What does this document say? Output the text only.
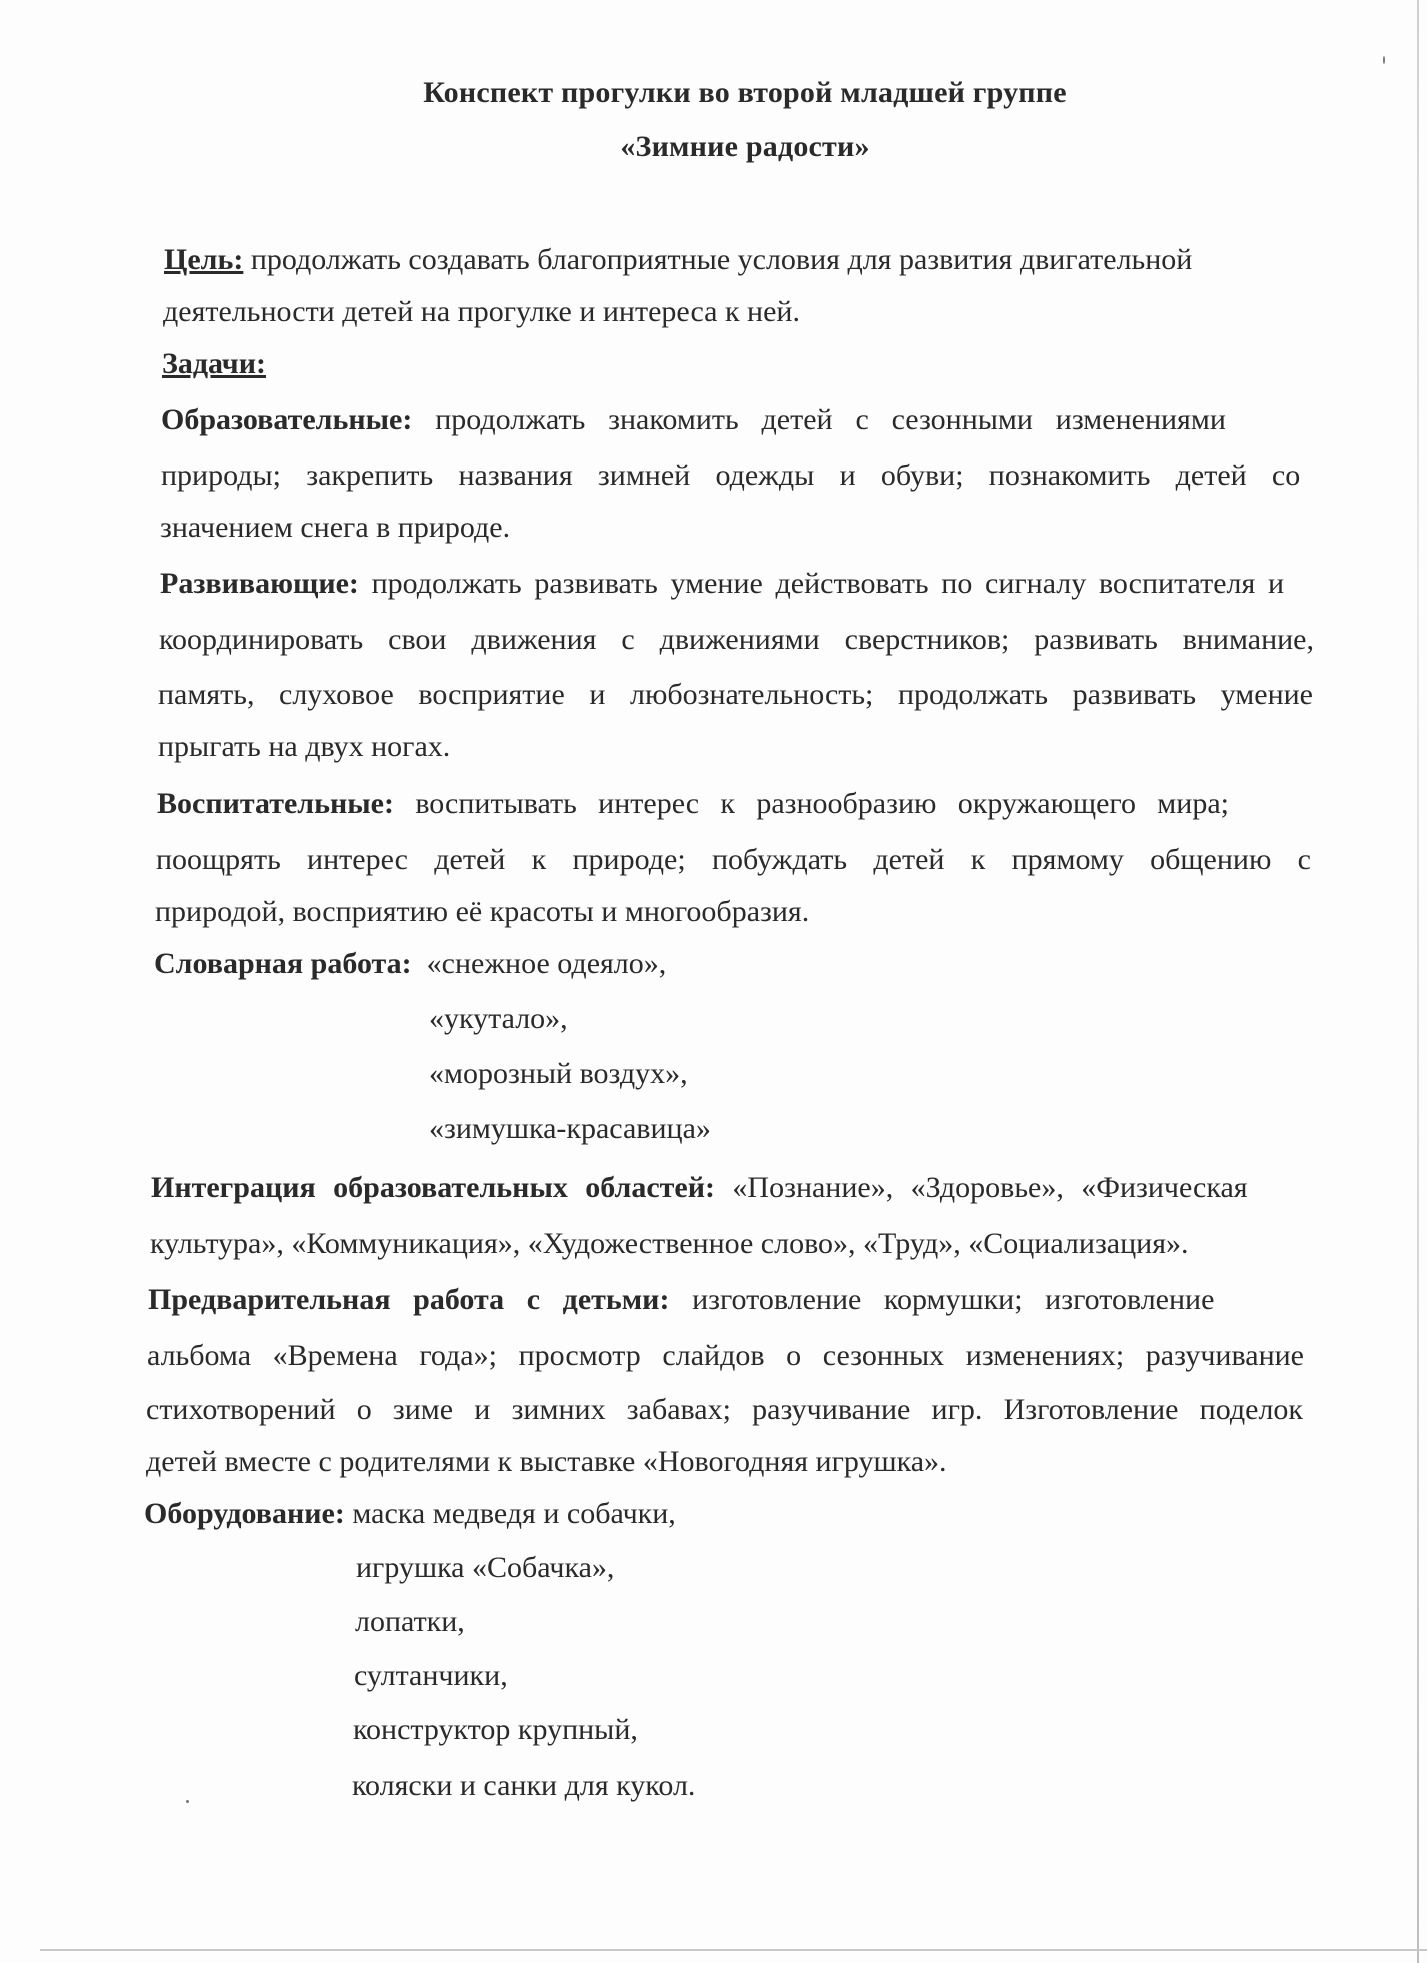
Конспект прогулки во второй младшей группе
«Зимние радости»
Цель: продолжать создавать благоприятные условия для развития двигательной
деятельности детей на прогулке и интереса к ней.
Задачи:
Образовательные: продолжать знакомить детей с сезонными изменениями
природы; закрепить названия зимней одежды и обуви; познакомить детей со
значением снега в природе.
Развивающие: продолжать развивать умение действовать по сигналу воспитателя и
координировать свои движения с движениями сверстников; развивать внимание,
память, слуховое восприятие и любознательность; продолжать развивать умение
прыгать на двух ногах.
Воспитательные: воспитывать интерес к разнообразию окружающего мира;
поощрять интерес детей к природе; побуждать детей к прямому общению с
природой, восприятию её красоты и многообразия.
Словарная работа: «снежное одеяло»,
«укутало»,
«морозный воздух»,
«зимушка-красавица»
Интеграция образовательных областей: «Познание», «Здоровье», «Физическая
культура», «Коммуникация», «Художественное слово», «Труд», «Социализация».
Предварительная работа с детьми: изготовление кормушки; изготовление
альбома «Времена года»; просмотр слайдов о сезонных изменениях; разучивание
стихотворений о зиме и зимних забавах; разучивание игр. Изготовление поделок
детей вместе с родителями к выставке «Новогодняя игрушка».
Оборудование: маска медведя и собачки,
игрушка «Собачка»,
лопатки,
султанчики,
конструктор крупный,
коляски и санки для кукол.
